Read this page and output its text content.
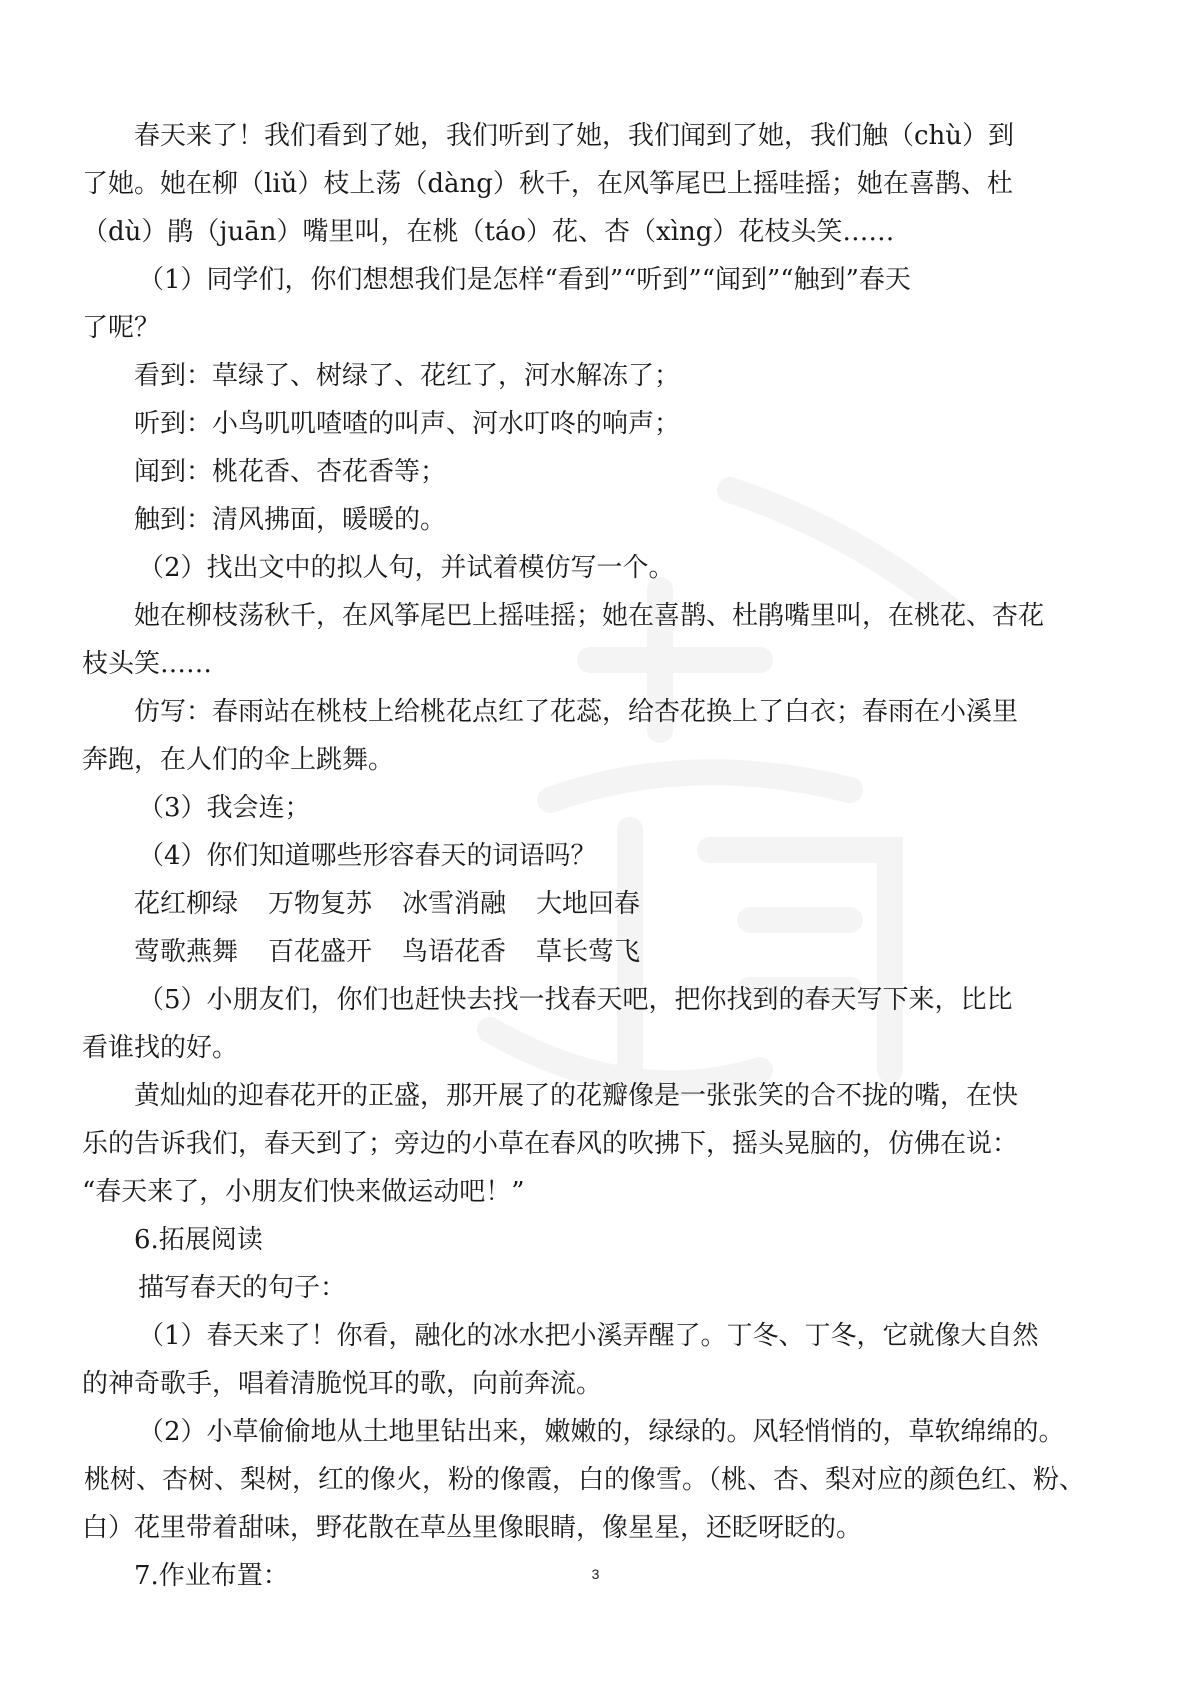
春天来了！我们看到了她，我们听到了她，我们闻到了她，我们触（chù）到

了她。她在柳（liǔ）枝上荡（dàng）秋千，在风筝尾巴上摇哇摇；她在喜鹊、杜

（dù）鹃（juān）嘴里叫，在桃（táo）花、杏（xìng）花枝头笑……

（1）同学们，你们想想我们是怎样“看到”“听到”“闻到”“触到”春天

了呢？

看到：草绿了、树绿了、花红了，河水解冻了；

听到：小鸟叽叽喳喳的叫声、河水叮咚的响声；

闻到：桃花香、杏花香等；

触到：清风拂面，暖暖的。

（2）找出文中的拟人句，并试着模仿写一个。

她在柳枝荡秋千，在风筝尾巴上摇哇摇；她在喜鹊、杜鹃嘴里叫，在桃花、杏花

枝头笑……

仿写：春雨站在桃枝上给桃花点红了花蕊，给杏花换上了白衣；春雨在小溪里

奔跑，在人们的伞上跳舞。

（3）我会连；

（4）你们知道哪些形容春天的词语吗？

花红柳绿 万物复苏 冰雪消融 大地回春

莺歌燕舞 百花盛开 鸟语花香 草长莺飞

（5）小朋友们，你们也赶快去找一找春天吧，把你找到的春天写下来，比比

看谁找的好。

黄灿灿的迎春花开的正盛，那开展了的花瓣像是一张张笑的合不拢的嘴，在快

乐的告诉我们，春天到了；旁边的小草在春风的吹拂下，摇头晃脑的，仿佛在说：

“春天来了，小朋友们快来做运动吧！”

6.拓展阅读

描写春天的句子：

（1）春天来了！你看，融化的冰水把小溪弄醒了。丁冬、丁冬，它就像大自然

的神奇歌手，唱着清脆悦耳的歌，向前奔流。

（2）小草偷偷地从土地里钻出来，嫩嫩的，绿绿的。风轻悄悄的，草软绵绵的。

桃树、杏树、梨树，红的像火，粉的像霞，白的像雪。（桃、杏、梨对应的颜色红、粉、

白）花里带着甜味，野花散在草丛里像眼睛，像星星，还眨呀眨的。

7.作业布置：	3
